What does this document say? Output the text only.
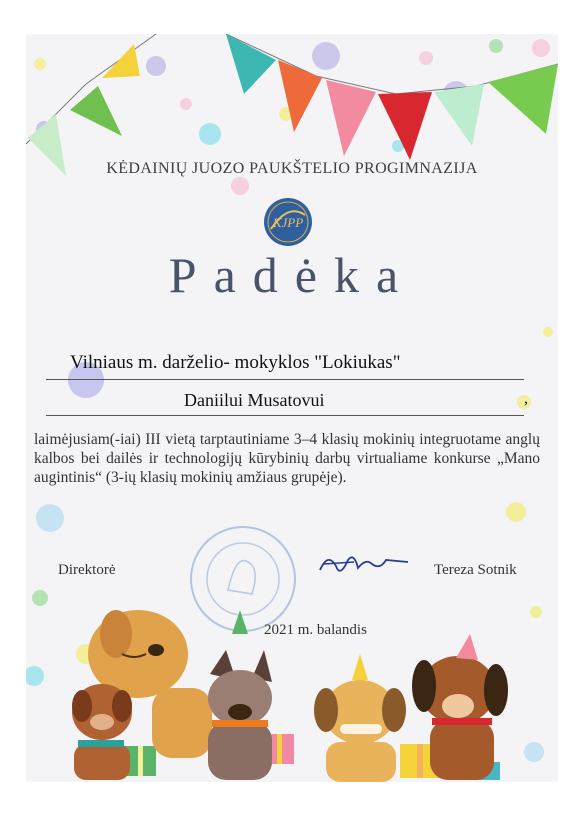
KĖDAINIŲ JUOZO PAUKŠTELIO PROGIMNAZIJA
KJPP
Padėka
Vilniaus m. darželio- mokyklos "Lokiukas"
Daniilui Musatovui	,
laimėjusiam(-iai) III vietą tarptautiniame 3–4 klasių mokinių integruotame anglų kalbos bei dailės ir technologijų kūrybinių darbų virtualiame konkurse „Mano augintinis“ (3-ių klasių mokinių amžiaus grupėje).
Direktorė	Tereza Sotnik
2021 m. balandis
